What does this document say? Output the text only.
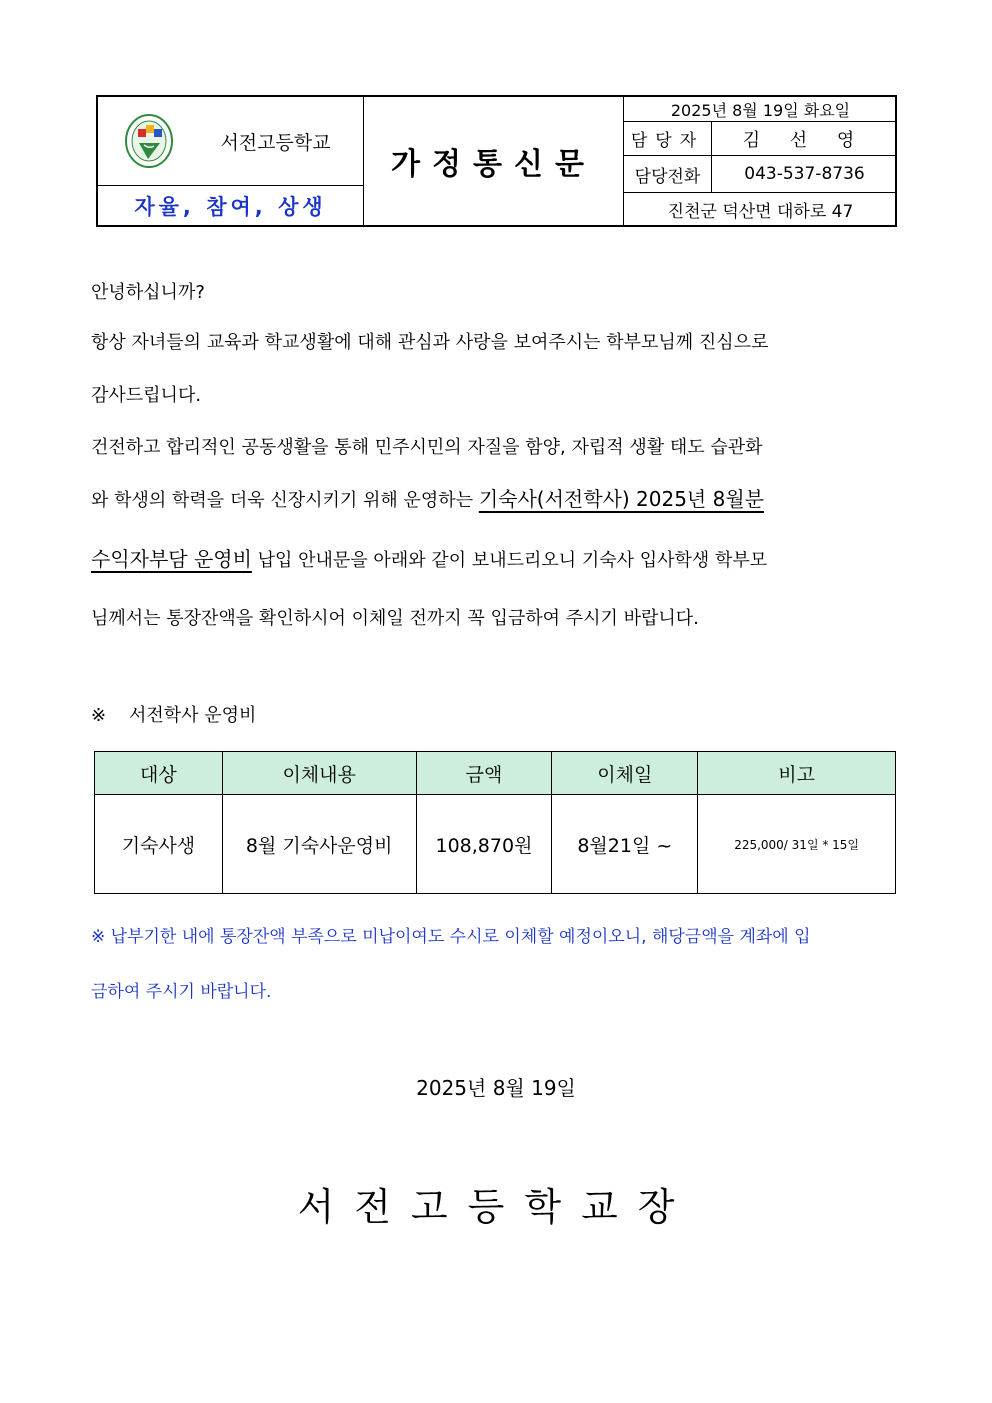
서전고등학교
자율, 참여, 상생
가정통신문
2025년 8월 19일 화요일
담당자	김 선 영
담당전화	043-537-8736
진천군 덕산면 대하로 47
안녕하십니까?
항상 자녀들의 교육과 학교생활에 대해 관심과 사랑을 보여주시는 학부모님께 진심으로
감사드립니다.
건전하고 합리적인 공동생활을 통해 민주시민의 자질을 함양, 자립적 생활 태도 습관화
와 학생의 학력을 더욱 신장시키기 위해 운영하는 기숙사(서전학사) 2025년 8월분
수익자부담 운영비 납입 안내문을 아래와 같이 보내드리오니 기숙사 입사학생 학부모
님께서는 통장잔액을 확인하시어 이체일 전까지 꼭 입금하여 주시기 바랍니다.
※ 서전학사 운영비
대상	이체내용	금액	이체일	비고
기숙사생	8월 기숙사운영비	108,870원	8월21일 ~	225,000/ 31일 * 15일
※ 납부기한 내에 통장잔액 부족으로 미납이여도 수시로 이체할 예정이오니, 해당금액을 계좌에 입
금하여 주시기 바랍니다.
2025년 8월 19일
서전고등학교장
